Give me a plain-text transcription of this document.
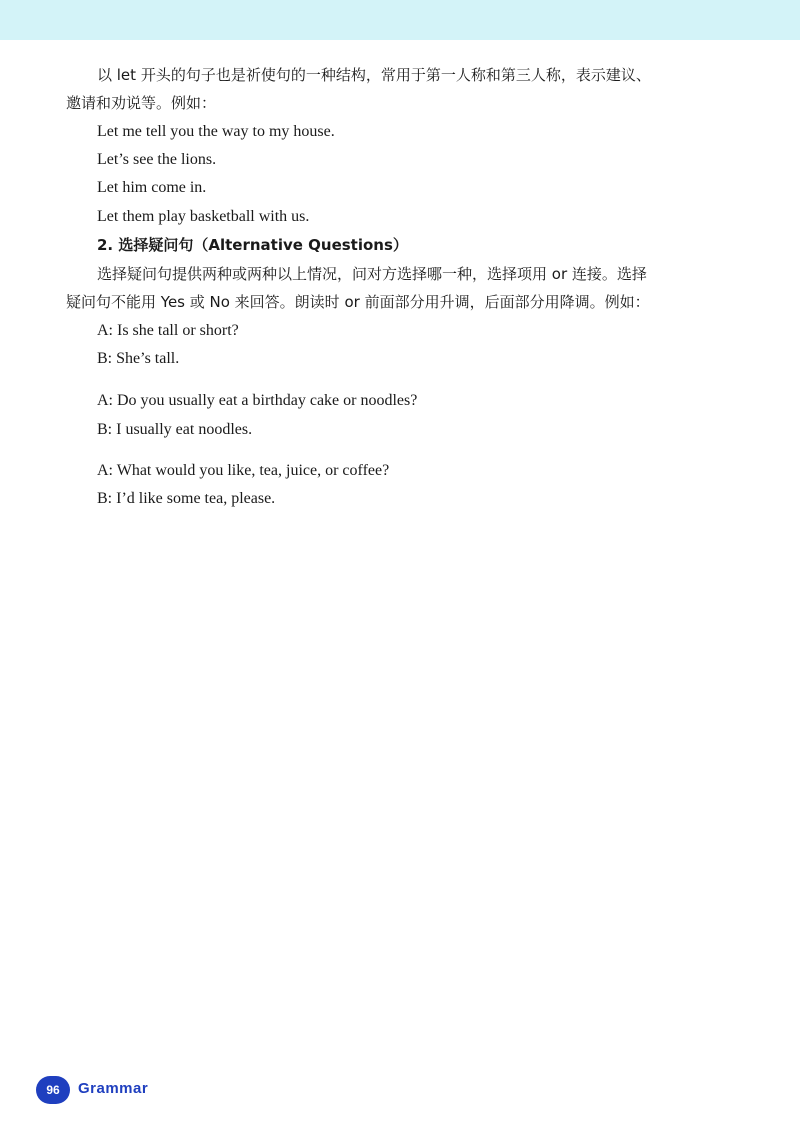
以 let 开头的句子也是祈使句的一种结构，常用于第一人称和第三人称，表示建议、
邀请和劝说等。例如：
Let me tell you the way to my house.
Let’s see the lions.
Let him come in.
Let them play basketball with us.
2. 选择疑问句（Alternative Questions）
选择疑问句提供两种或两种以上情况，问对方选择哪一种，选择项用 or 连接。选择
疑问句不能用 Yes 或 No 来回答。朗读时 or 前面部分用升调，后面部分用降调。例如：
A: Is she tall or short?
B: She’s tall.
A: Do you usually eat a birthday cake or noodles?
B: I usually eat noodles.
A: What would you like, tea, juice, or coffee?
B: I’d like some tea, please.
96	Grammar
